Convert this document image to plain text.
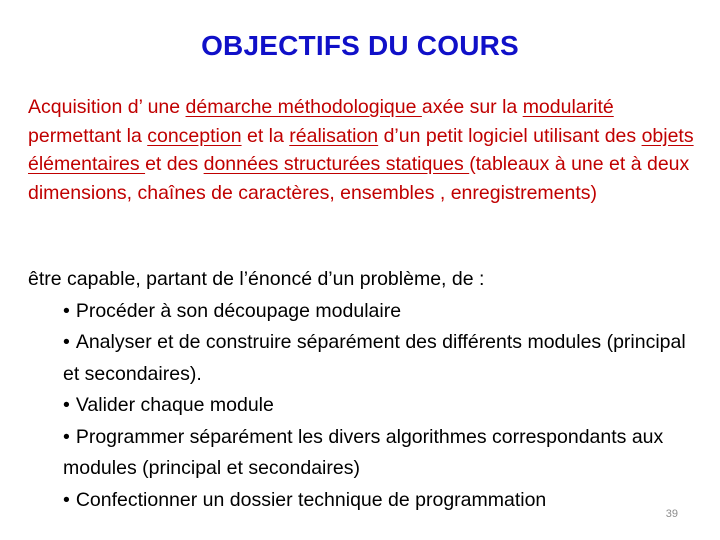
OBJECTIFS DU COURS

Acquisition d’ une démarche méthodologique axée sur la modularité permettant la conception et la réalisation d’un petit logiciel utilisant des objets élémentaires et des données structurées statiques (tableaux à une et à deux dimensions, chaînes de caractères, ensembles , enregistrements)

être capable, partant de l’énoncé d’un problème, de :
• Procéder à son découpage modulaire
• Analyser et de construire séparément des différents modules (principal et secondaires).
• Valider chaque module
• Programmer séparément les divers algorithmes correspondants aux modules (principal et secondaires)
• Confectionner un dossier technique de programmation
39
